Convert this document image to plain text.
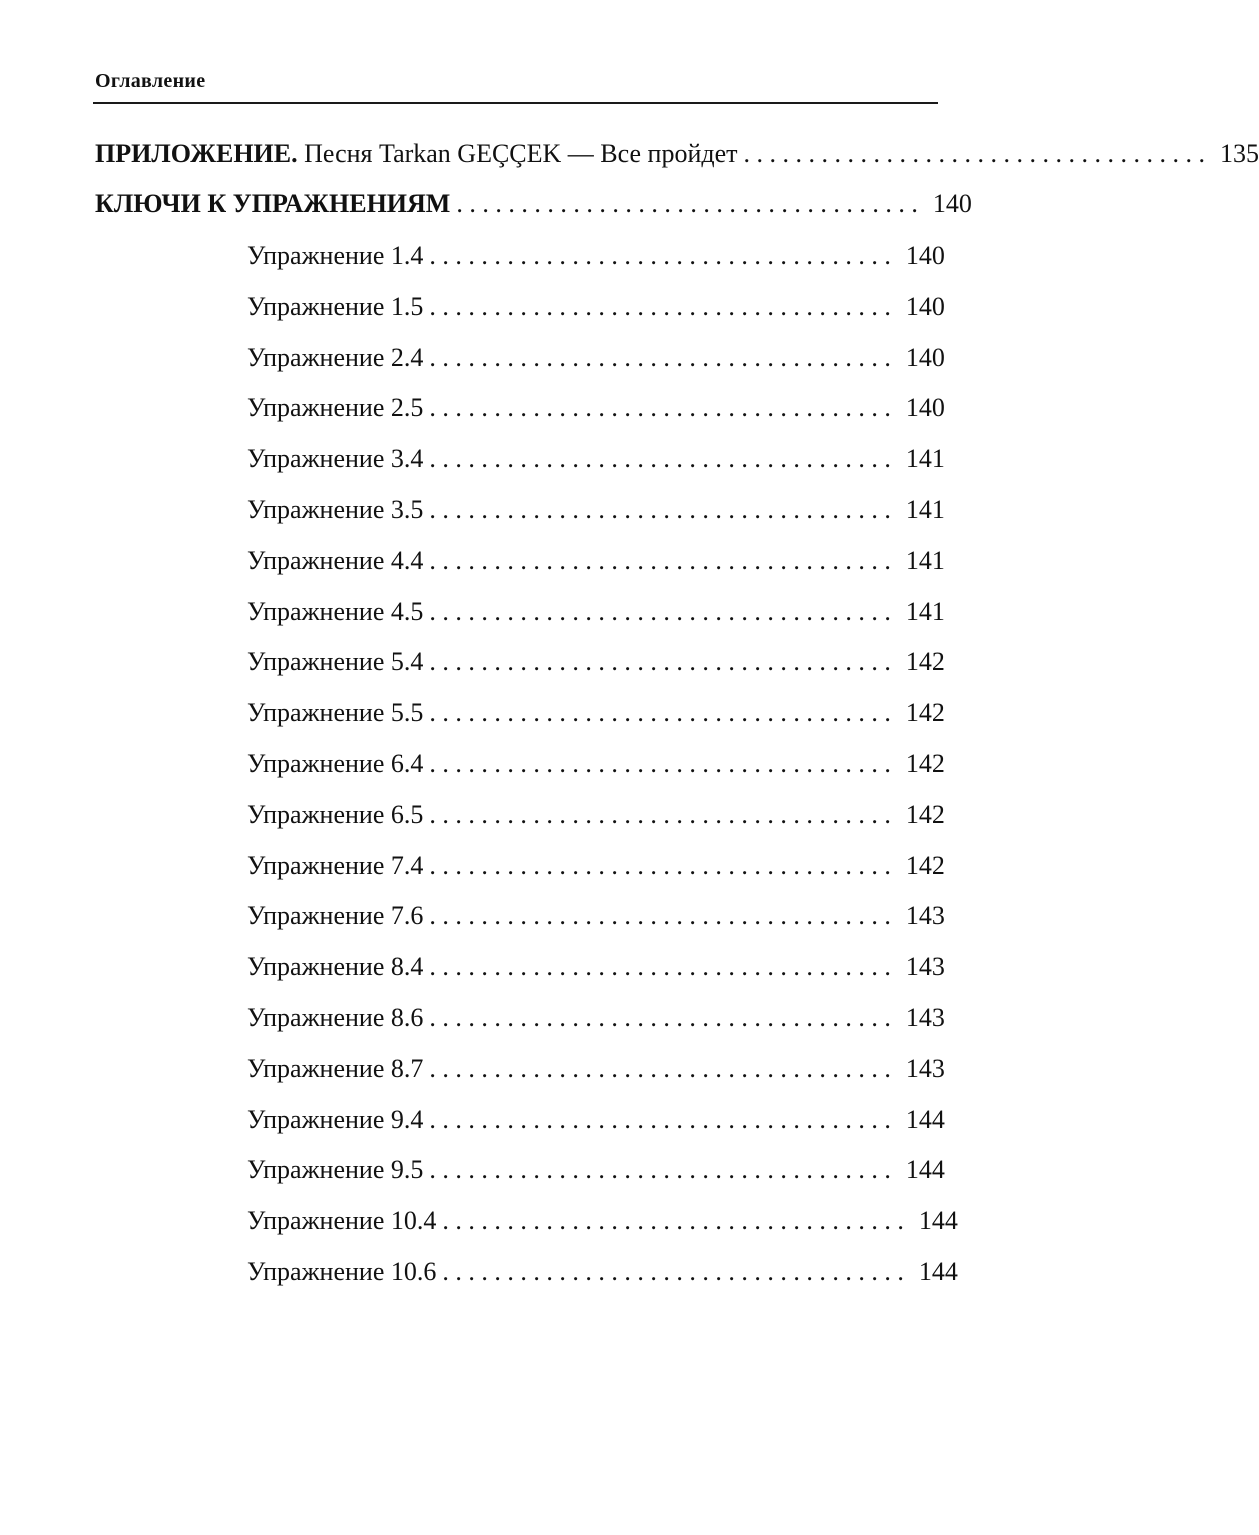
Оглавление
ПРИЛОЖЕНИЕ. Песня Tarkan GEÇÇEK — Все пройдет . . . . . . . . . . . . . . . . . . . . . . . . . . . . . . . . . . . . 135
КЛЮЧИ К УПРАЖНЕНИЯМ . . . . . . . . . . . . . . . . . . . . . . . . . . . . . . . . . . . . 140
Упражнение 1.4 . . . . . . . . . . . . . . . . . . . . . . . . . . . . . . . . . . . . 140
Упражнение 1.5 . . . . . . . . . . . . . . . . . . . . . . . . . . . . . . . . . . . . 140
Упражнение 2.4 . . . . . . . . . . . . . . . . . . . . . . . . . . . . . . . . . . . . 140
Упражнение 2.5 . . . . . . . . . . . . . . . . . . . . . . . . . . . . . . . . . . . . 140
Упражнение 3.4 . . . . . . . . . . . . . . . . . . . . . . . . . . . . . . . . . . . . 141
Упражнение 3.5 . . . . . . . . . . . . . . . . . . . . . . . . . . . . . . . . . . . . 141
Упражнение 4.4 . . . . . . . . . . . . . . . . . . . . . . . . . . . . . . . . . . . . 141
Упражнение 4.5 . . . . . . . . . . . . . . . . . . . . . . . . . . . . . . . . . . . . 141
Упражнение 5.4 . . . . . . . . . . . . . . . . . . . . . . . . . . . . . . . . . . . . 142
Упражнение 5.5 . . . . . . . . . . . . . . . . . . . . . . . . . . . . . . . . . . . . 142
Упражнение 6.4 . . . . . . . . . . . . . . . . . . . . . . . . . . . . . . . . . . . . 142
Упражнение 6.5 . . . . . . . . . . . . . . . . . . . . . . . . . . . . . . . . . . . . 142
Упражнение 7.4 . . . . . . . . . . . . . . . . . . . . . . . . . . . . . . . . . . . . 142
Упражнение 7.6 . . . . . . . . . . . . . . . . . . . . . . . . . . . . . . . . . . . . 143
Упражнение 8.4 . . . . . . . . . . . . . . . . . . . . . . . . . . . . . . . . . . . . 143
Упражнение 8.6 . . . . . . . . . . . . . . . . . . . . . . . . . . . . . . . . . . . . 143
Упражнение 8.7 . . . . . . . . . . . . . . . . . . . . . . . . . . . . . . . . . . . . 143
Упражнение 9.4 . . . . . . . . . . . . . . . . . . . . . . . . . . . . . . . . . . . . 144
Упражнение 9.5 . . . . . . . . . . . . . . . . . . . . . . . . . . . . . . . . . . . . 144
Упражнение 10.4 . . . . . . . . . . . . . . . . . . . . . . . . . . . . . . . . . . . . 144
Упражнение 10.6 . . . . . . . . . . . . . . . . . . . . . . . . . . . . . . . . . . . . 144
